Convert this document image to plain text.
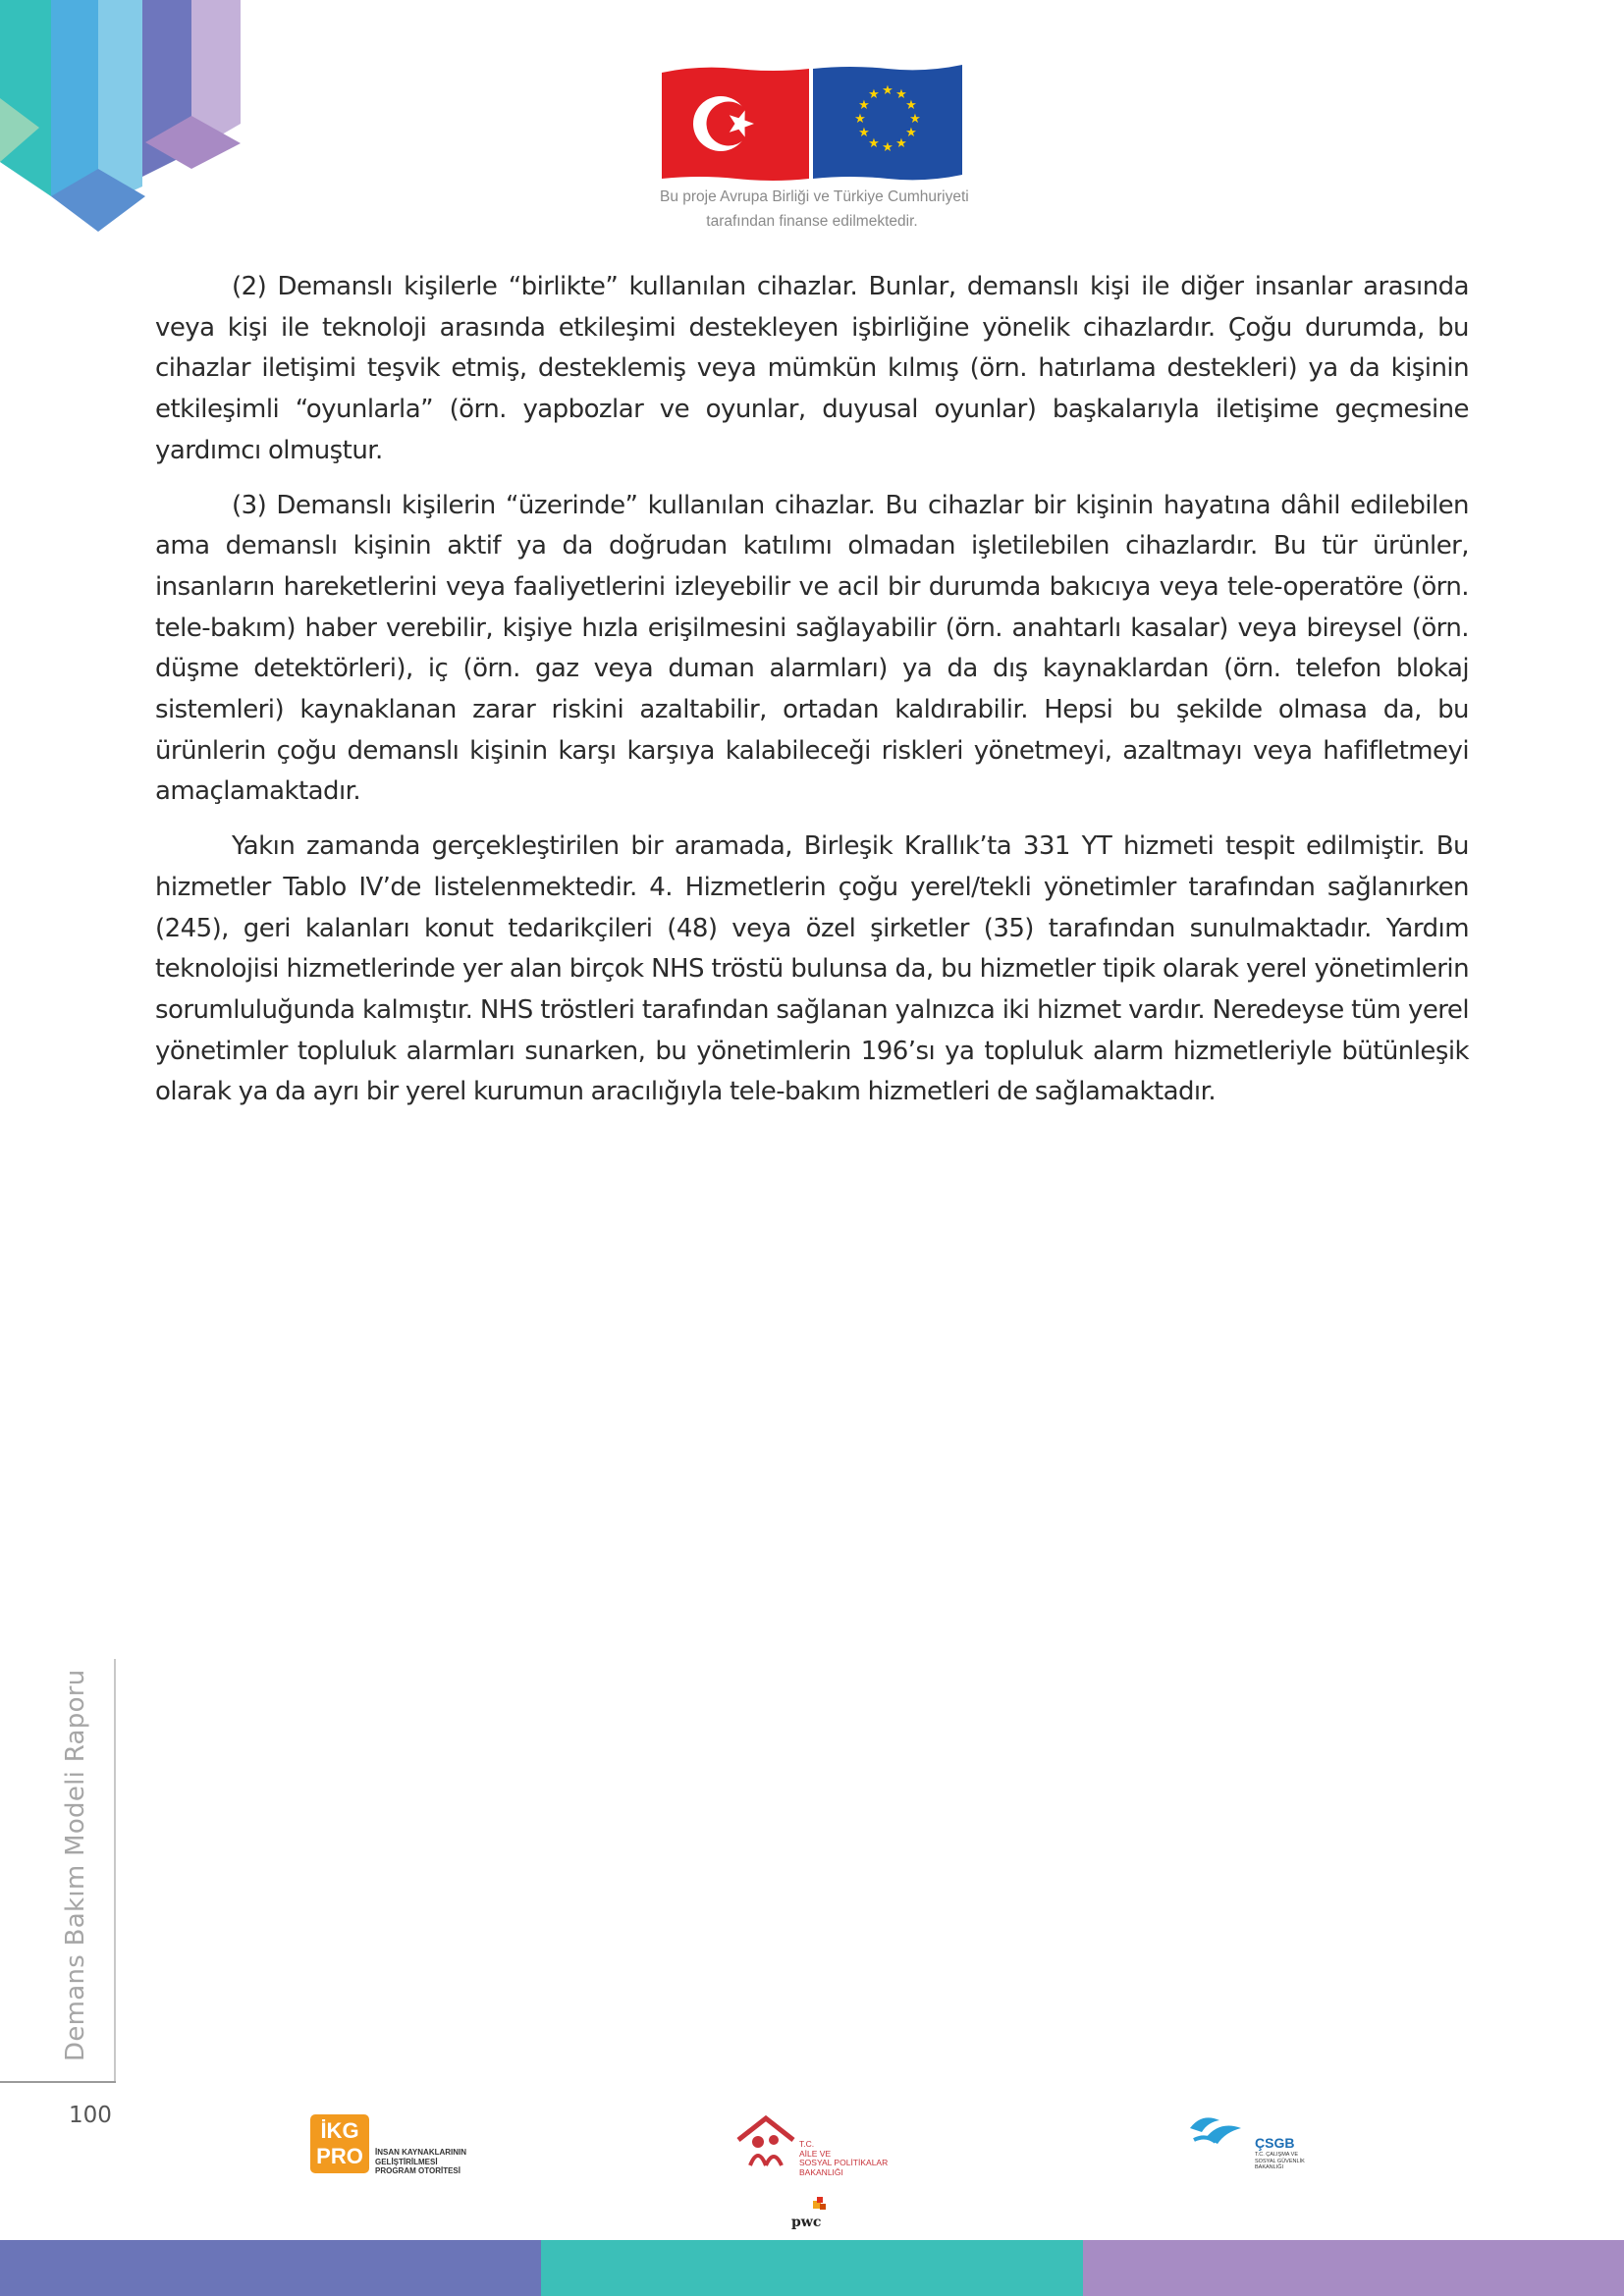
★ ★
★
★
★
★
★
★
★
★
★
★
Bu proje Avrupa Birliği ve Türkiye Cumhuriyeti
tarafından finanse edilmektedir.

(2) Demanslı kişilerle “birlikte” kullanılan cihazlar. Bunlar, demanslı kişi ile diğer insanlar arasında veya kişi ile teknoloji arasında etkileşimi destekleyen işbirliğine yönelik cihazlardır. Çoğu durumda, bu cihazlar iletişimi teşvik etmiş, desteklemiş veya mümkün kılmış (örn. hatırlama destekleri) ya da kişinin etkileşimli “oyunlarla” (örn. yapbozlar ve oyunlar, duyusal oyunlar) başkalarıyla iletişime geçmesine yardımcı olmuştur.

(3) Demanslı kişilerin “üzerinde” kullanılan cihazlar. Bu cihazlar bir kişinin hayatına dâhil edilebilen ama demanslı kişinin aktif ya da doğrudan katılımı olmadan işletilebilen cihazlardır. Bu tür ürünler, insanların hareketlerini veya faaliyetlerini izleyebilir ve acil bir durumda bakıcıya veya tele-operatöre (örn. tele-bakım) haber verebilir, kişiye hızla erişilmesini sağlayabilir (örn. anahtarlı kasalar) veya bireysel (örn. düşme detektörleri), iç (örn. gaz veya duman alarmları) ya da dış kaynaklardan (örn. telefon blokaj sistemleri) kaynaklanan zarar riskini azaltabilir, ortadan kaldırabilir. Hepsi bu şekilde olmasa da, bu ürünlerin çoğu demanslı kişinin karşı karşıya kalabileceği riskleri yönetmeyi, azaltmayı veya hafifletmeyi amaçlamaktadır.

Yakın zamanda gerçekleştirilen bir aramada, Birleşik Krallık’ta 331 YT hizmeti tespit edilmiştir. Bu hizmetler Tablo IV’de listelenmektedir. 4. Hizmetlerin çoğu yerel/tekli yönetimler tarafından sağlanırken (245), geri kalanları konut tedarikçileri (48) veya özel şirketler (35) tarafından sunulmaktadır. Yardım teknolojisi hizmetlerinde yer alan birçok NHS tröstü bulunsa da, bu hizmetler tipik olarak yerel yönetimlerin sorumluluğunda kalmıştır. NHS tröstleri tarafından sağlanan yalnızca iki hizmet vardır. Neredeyse tüm yerel yönetimler topluluk alarmları sunarken, bu yönetimlerin 196’sı ya topluluk alarm hizmetleriyle bütünleşik olarak ya da ayrı bir yerel kurumun aracılığıyla tele-bakım hizmetleri de sağlamaktadır.

Demans Bakım Modeli Raporu
100
İKG
PRO	İNSAN KAYNAKLARININ
GELİŞTİRİLMESİ
PROGRAM OTORİTESİ
T.C.
AİLE VE
SOSYAL POLİTİKALAR
BAKANLIĞI
pwc
ÇSGB
T.C. ÇALIŞMA VE
SOSYAL GÜVENLİK
BAKANLIĞI
